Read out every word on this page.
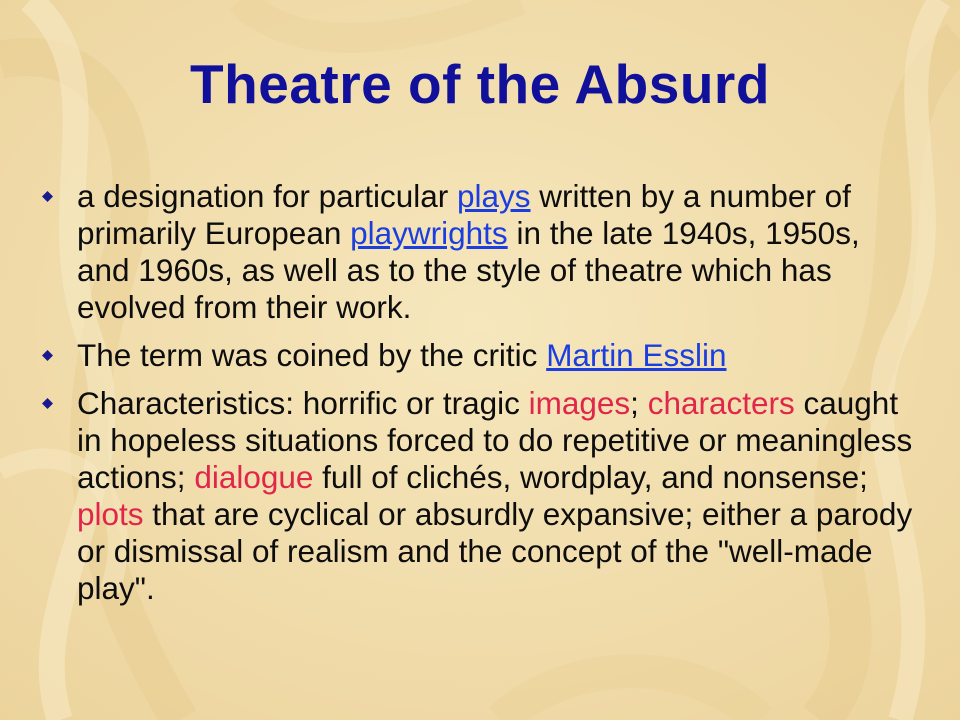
Theatre of the Absurd
a designation for particular plays written by a number of primarily European playwrights in the late 1940s, 1950s, and 1960s, as well as to the style of theatre which has evolved from their work.
The term was coined by the critic Martin Esslin
Characteristics: horrific or tragic images; characters caught in hopeless situations forced to do repetitive or meaningless actions; dialogue full of clichés, wordplay, and nonsense; plots that are cyclical or absurdly expansive; either a parody or dismissal of realism and the concept of the "well-made play".
